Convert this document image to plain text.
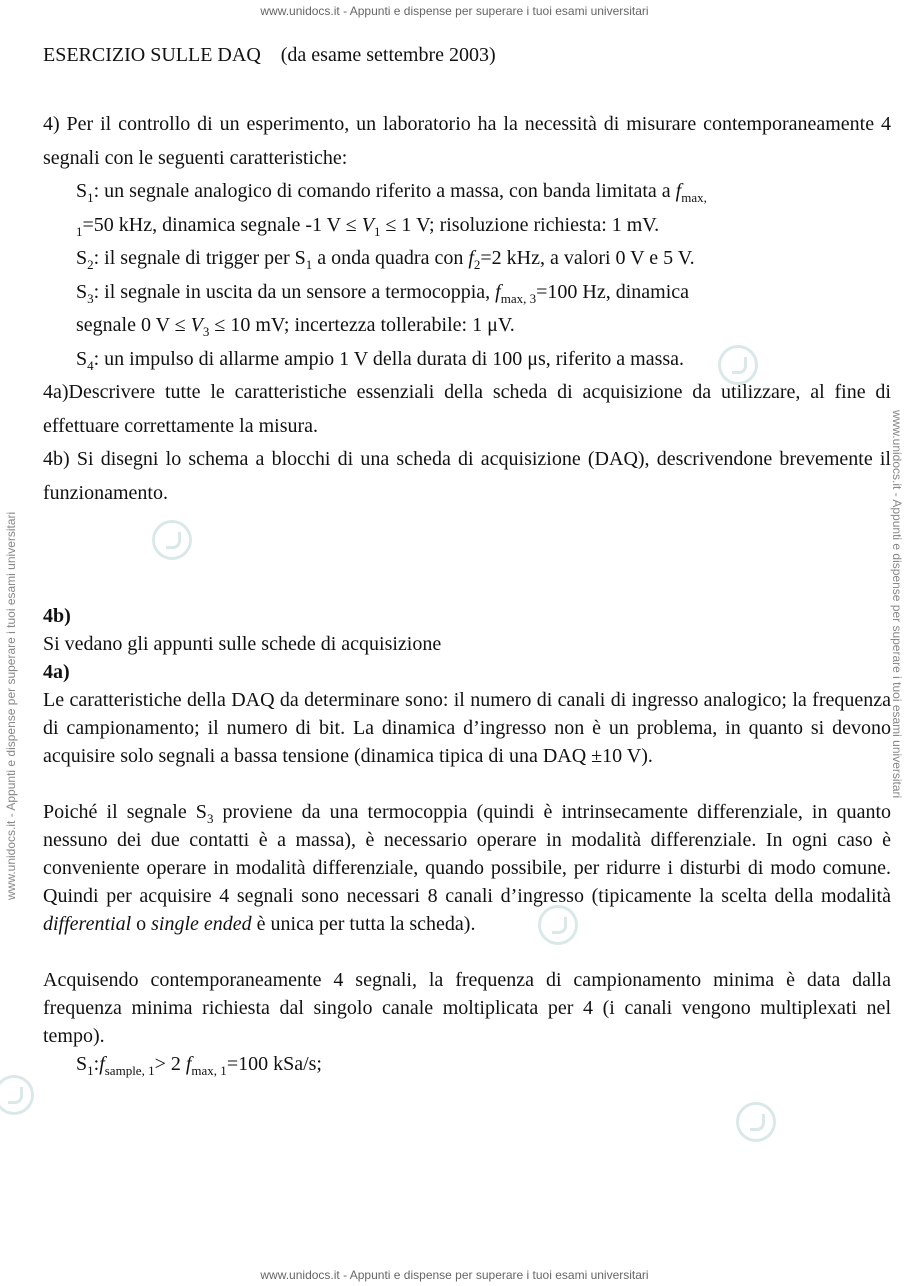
www.unidocs.it - Appunti e dispense per superare i tuoi esami universitari
www.unidocs.it - Appunti e dispense per superare i tuoi esami universitari
www.unidocs.it - Appunti e dispense per superare i tuoi esami universitari	www.unidocs.it - Appunti e dispense per superare i tuoi esami universitari

ESERCIZIO SULLE DAQ (da esame settembre 2003)

4) Per il controllo di un esperimento, un laboratorio ha la necessità di misurare contemporaneamente 4 segnali con le seguenti caratteristiche:

$S_1$: un segnale analogico di comando riferito a massa, con banda limitata a $f_{max,}$
$_1$=50 kHz, dinamica segnale -1 $V \le V_1 \le 1$ V; risoluzione richiesta: 1 mV.

$S_2$: il segnale di trigger per $S_1$ a onda quadra con $f_2=2$ kHz, a valori 0 V e 5 V.

$S_3$: il segnale in uscita da un sensore a termocoppia, $f_{max, 3}=100$ Hz, dinamica
segnale 0 $V \le V_3 \le 10$ mV; incertezza tollerabile: 1 μV.

$S_4$: un impulso di allarme ampio 1 V della durata di 100 μs, riferito a massa.

4a)Descrivere tutte le caratteristiche essenziali della scheda di acquisizione da utilizzare, al fine di effettuare correttamente la misura.

4b) Si disegni lo schema a blocchi di una scheda di acquisizione (DAQ), descrivendone brevemente il funzionamento.

4b)

Si vedano gli appunti sulle schede di acquisizione

4a)

Le caratteristiche della DAQ da determinare sono: il numero di canali di ingresso analogico; la frequenza di campionamento; il numero di bit. La dinamica d’ingresso non è un problema, in quanto si devono acquisire solo segnali a bassa tensione (dinamica tipica di una DAQ ±10 V).

Poiché il segnale $S_3$ proviene da una termocoppia (quindi è intrinsecamente differenziale, in quanto nessuno dei due contatti è a massa), è necessario operare in modalità differenziale. In ogni caso è conveniente operare in modalità differenziale, quando possibile, per ridurre i disturbi di modo comune. Quindi per acquisire 4 segnali sono necessari 8 canali d’ingresso (tipicamente la scelta della modalità differential o single ended è unica per tutta la scheda).

Acquisendo contemporaneamente 4 segnali, la frequenza di campionamento minima è data dalla frequenza minima richiesta dal singolo canale moltiplicata per 4 (i canali vengono multiplexati nel tempo).

$S_1:f_{sample, 1}> 2$ $f_{max, 1}=100$ kSa/s;
